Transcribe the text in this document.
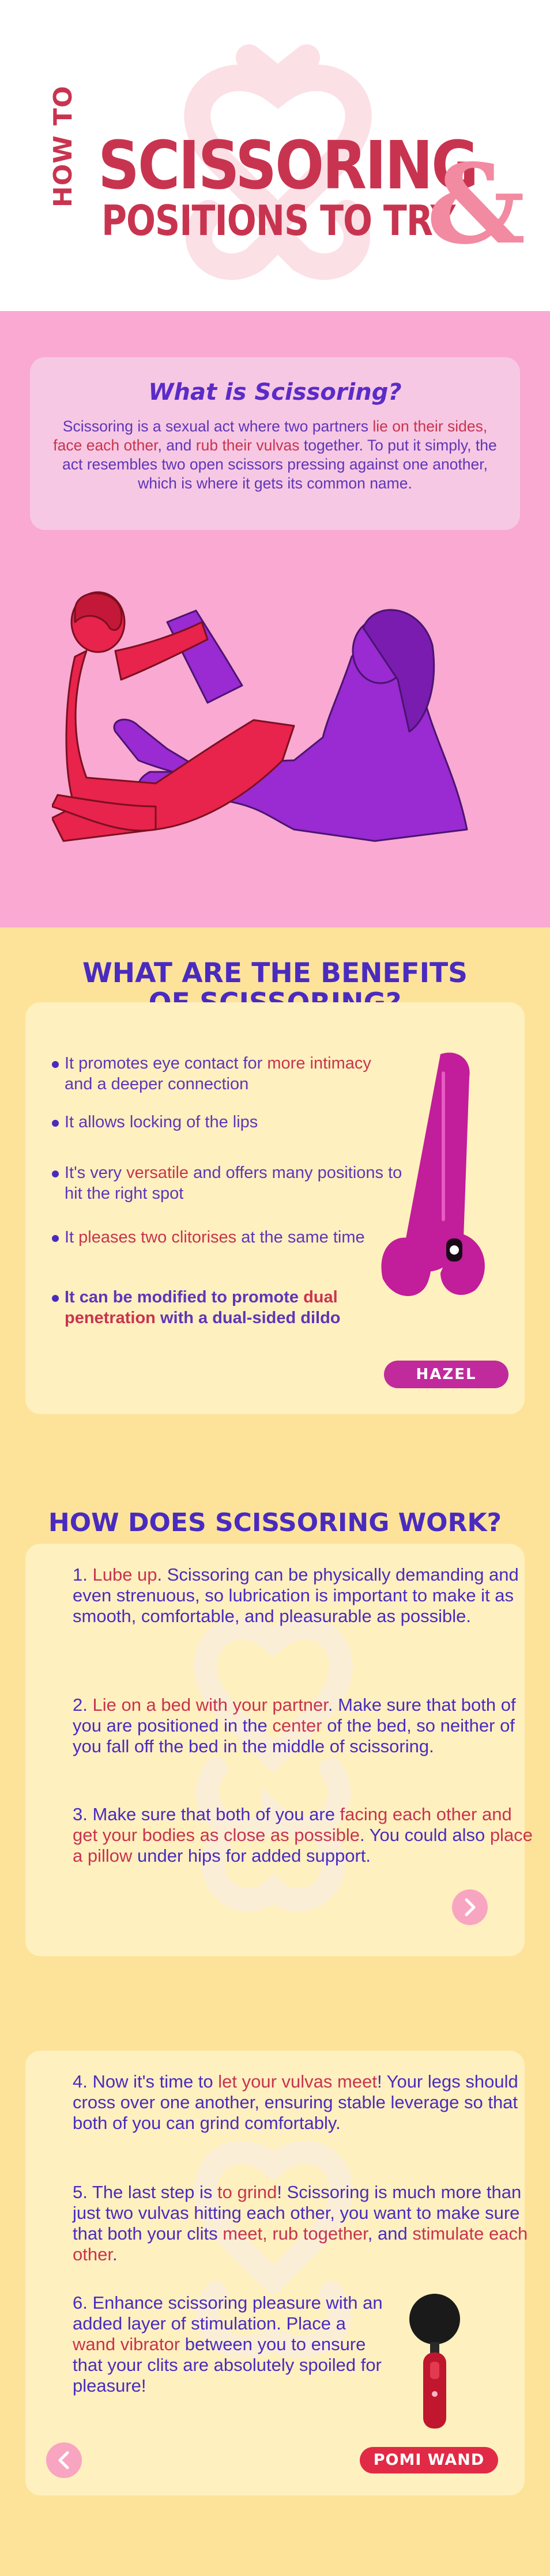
HOW TO SCISSORING
POSITIONS TO TRY
&
What is Scissoring?
Scissoring is a sexual act where two partners lie on their sides, face each other, and rub their vulvas together. To put it simply, the act resembles two open scissors pressing against one another, which is where it gets its common name.
WHAT ARE THE BENEFITS
It promotes eye contact for more intimacy and a deeper connection
It allows locking of the lips
It's very versatile and offers many positions to hit the right spot
It pleases two clitorises at the same time
It can be modified to promote dual penetration with a dual-sided dildo
HAZEL
HOW DOES SCISSORING WORK?
1. Lube up. Scissoring can be physically demanding and even strenuous, so lubrication is important to make it as smooth, comfortable, and pleasurable as possible.
2. Lie on a bed with your partner. Make sure that both of you are positioned in the center of the bed, so neither of you fall off the bed in the middle of scissoring.
3. Make sure that both of you are facing each other and get your bodies as close as possible. You could also place a pillow under hips for added support.
4. Now it's time to let your vulvas meet! Your legs should cross over one another, ensuring stable leverage so that both of you can grind comfortably.
5. The last step is to grind! Scissoring is much more than just two vulvas hitting each other, you want to make sure that both your clits meet, rub together, and stimulate each other.
6. Enhance scissoring pleasure with an added layer of stimulation. Place a wand vibrator between you to ensure that your clits are absolutely spoiled for pleasure!
POMI WAND
